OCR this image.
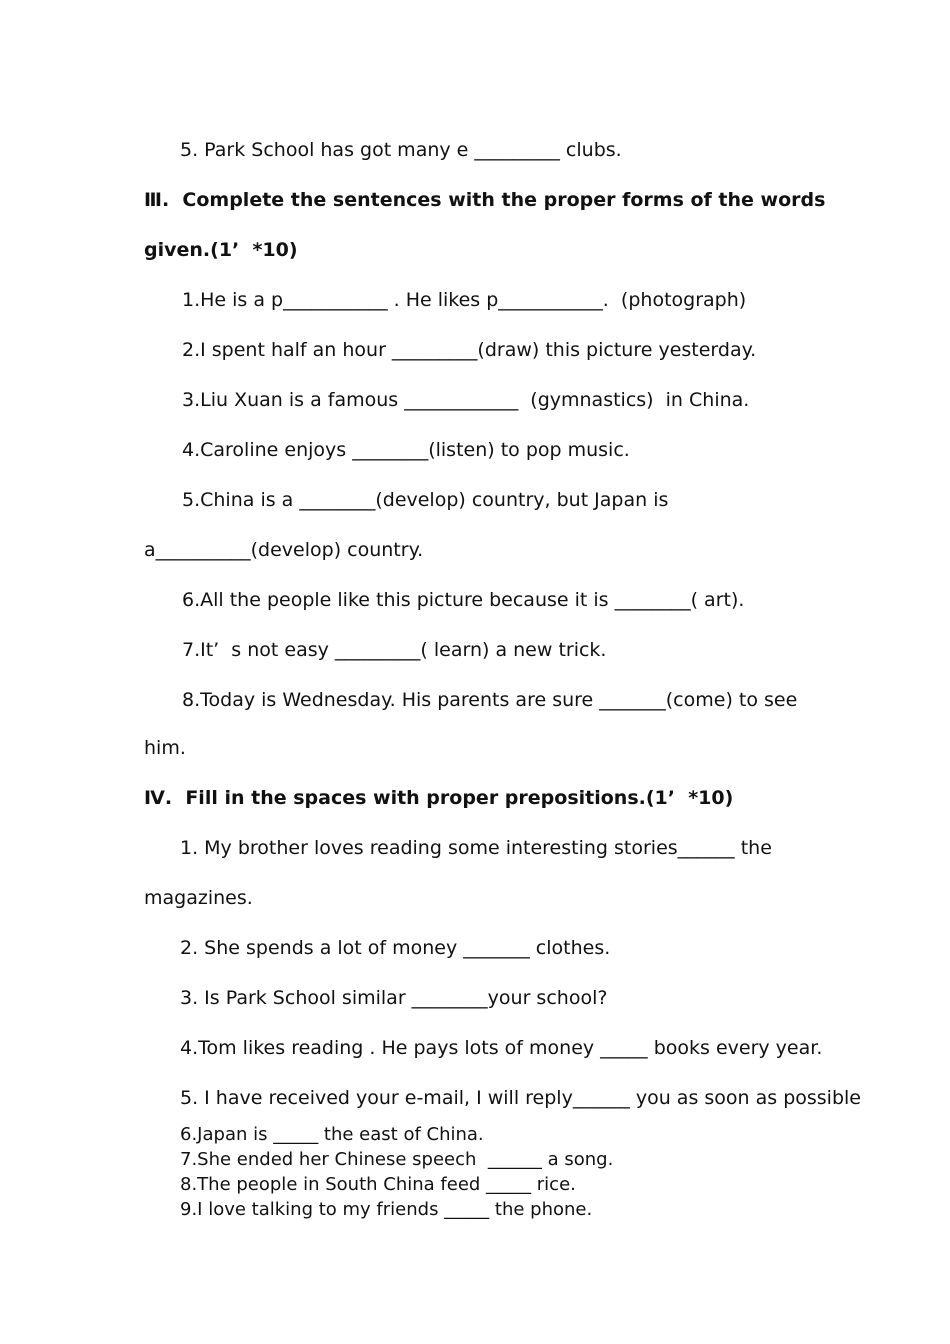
5. Park School has got many e _________ clubs.
Ⅲ.  Complete the sentences with the proper forms of the words
given.(1’  *10)
1.He is a p___________ . He likes p___________.  (photograph)
2.I spent half an hour _________(draw) this picture yesterday.
3.Liu Xuan is a famous ____________  (gymnastics)  in China.
4.Caroline enjoys ________(listen) to pop music.
5.China is a ________(develop) country, but Japan is
a__________(develop) country.
6.All the people like this picture because it is ________( art).
7.It’  s not easy _________( learn) a new trick.
8.Today is Wednesday. His parents are sure _______(come) to see
him.
Ⅳ.  Fill in the spaces with proper prepositions.(1’  *10)
1. My brother loves reading some interesting stories______ the
magazines.
2. She spends a lot of money _______ clothes.
3. Is Park School similar ________your school?
4.Tom likes reading . He pays lots of money _____ books every year.
5. I have received your e-mail, I will reply______ you as soon as possible
6.Japan is _____ the east of China.
7.She ended her Chinese speech  ______ a song.
8.The people in South China feed _____ rice.
9.I love talking to my friends _____ the phone.
